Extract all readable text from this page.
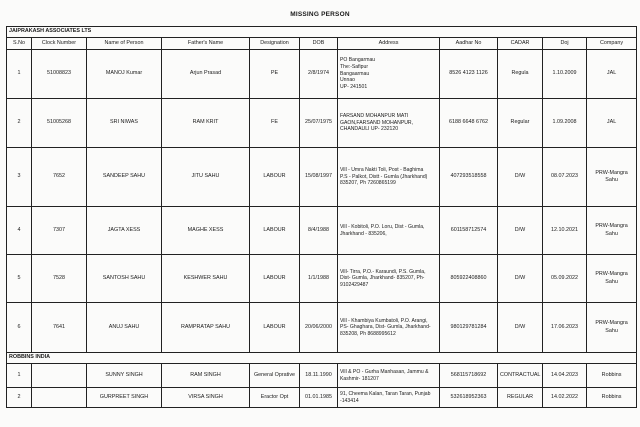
MISSING PERSON
JAIPRAKASH ASSOCIATES LTS										
S.No	Clock Number	Name of Person	Father's Name	Designation	DOB	Address	Aadhar No	CADAR	Doj	Company
1	51008823	MANOJ Kumar	Arjun Prasad	PE	2/8/1974	PO Bangarmau
The:-Safipur
Bangaarmau
Unnao
UP- 241501	8526 4123 1126	Regula	1.10.2009	JAL
2	51005268	SRI NIWAS	RAM KRIT	FE	25/07/1975	FARSAND MOHANPUR MATI GAON,FARSAND MOHANPUR, CHANDAULI UP- 232120	6188 6648 6762	Regular	1.09.2008	JAL
3	7652	SANDEEP SAHU	JITU SAHU	LABOUR	15/08/1997	Vill - Umra Nakti Toli, Post - Baghima
P.S - Palkot, Distt - Gumla (Jharkhand) 835207, Ph 7260865199	407293518558	D/W	08.07.2023	PRW-Mangra Sahu
4	7307	JAGTA XESS	MAGHE XESS	LABOUR	8/4/1988	Vill - Kobitoli, P.O. Loru, Dist - Gumla, Jharkhand - 835206,	601158712574	D/W	12.10.2021	PRW-Mangra Sahu
5	7528	SANTOSH SAHU	KESHWER SAHU	LABOUR	1/1/1988	Vill- Tirra, P.O.- Karaundi, P.S. Gumla, Dist- Gumla, Jharkhand- 835207, Ph-9102429487	805922408860	D/W	05.09.2022	PRW-Mangra Sahu
6	7641	ANUJ SAHU	RAMPRATAP SAHU	LABOUR	20/06/2000	Vill - Khambiya Kumbatoli, P.O. Arangi, PS- Ghaghara, Dist- Gumla, Jharkhand- 835208, Ph 8688995612	980129781284	D/W	17.06.2023	PRW-Mangra Sahu
ROBBINS INDIA										
1		SUNNY SINGH	RAM SINGH	General Oprative	18.11.1990	Vill & PO - Gurha Manhasan, Jammu & Kashmir- 181207	568115718692	CONTRACTUAL	14.04.2023	Robbins
2		GURPREET SINGH	VIRSA SINGH	Eractor Opt	01.01.1985	91, Cheema Kalan, Taran Taran, Punjab -143414	532618952363	REGULAR	14.02.2022	Robbins
